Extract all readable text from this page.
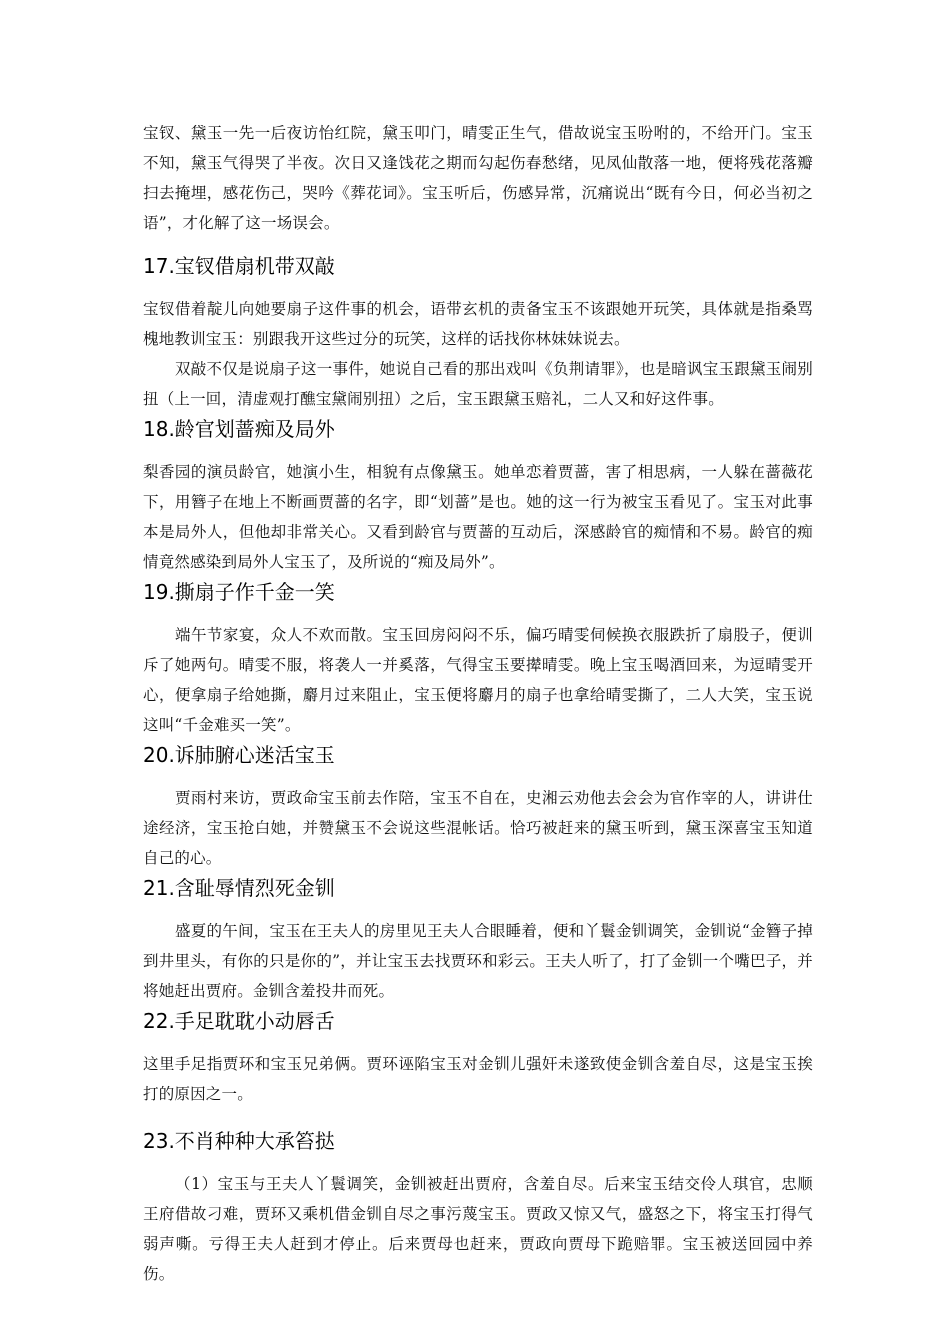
宝钗、黛玉一先一后夜访怡红院，黛玉叩门，晴雯正生气，借故说宝玉吩咐的，不给开门。宝玉不知，黛玉气得哭了半夜。次日又逢饯花之期而勾起伤春愁绪，见凤仙散落一地，便将残花落瓣扫去掩埋，感花伤己，哭吟《葬花词》。宝玉听后，伤感异常，沉痛说出“既有今日，何必当初之语”，才化解了这一场误会。

17.宝钗借扇机带双敲

宝钗借着靛儿向她要扇子这件事的机会，语带玄机的责备宝玉不该跟她开玩笑，具体就是指桑骂槐地教训宝玉：别跟我开这些过分的玩笑，这样的话找你林妹妹说去。

双敲不仅是说扇子这一事件，她说自己看的那出戏叫《负荆请罪》，也是暗讽宝玉跟黛玉闹别扭（上一回，清虚观打醮宝黛闹别扭）之后，宝玉跟黛玉赔礼，二人又和好这件事。

18.龄官划蔷痴及局外

梨香园的演员龄官，她演小生，相貌有点像黛玉。她单恋着贾蔷，害了相思病，一人躲在蔷薇花下，用簪子在地上不断画贾蔷的名字，即“划蔷”是也。她的这一行为被宝玉看见了。宝玉对此事本是局外人，但他却非常关心。又看到龄官与贾蔷的互动后，深感龄官的痴情和不易。龄官的痴情竟然感染到局外人宝玉了，及所说的“痴及局外”。

19.撕扇子作千金一笑

端午节家宴，众人不欢而散。宝玉回房闷闷不乐，偏巧晴雯伺候换衣服跌折了扇股子，便训斥了她两句。晴雯不服，将袭人一并奚落，气得宝玉要撵晴雯。晚上宝玉喝酒回来，为逗晴雯开心，便拿扇子给她撕，麝月过来阻止，宝玉便将麝月的扇子也拿给晴雯撕了，二人大笑，宝玉说这叫“千金难买一笑”。

20.诉肺腑心迷活宝玉

贾雨村来访，贾政命宝玉前去作陪，宝玉不自在，史湘云劝他去会会为官作宰的人，讲讲仕途经济，宝玉抢白她，并赞黛玉不会说这些混帐话。恰巧被赶来的黛玉听到，黛玉深喜宝玉知道自己的心。

21.含耻辱情烈死金钏

盛夏的午间，宝玉在王夫人的房里见王夫人合眼睡着，便和丫鬟金钏调笑，金钏说“金簪子掉到井里头，有你的只是你的”，并让宝玉去找贾环和彩云。王夫人听了，打了金钏一个嘴巴子，并将她赶出贾府。金钏含羞投井而死。

22.手足耽耽小动唇舌

这里手足指贾环和宝玉兄弟俩。贾环诬陷宝玉对金钏儿强奸未遂致使金钏含羞自尽，这是宝玉挨打的原因之一。

23.不肖种种大承笞挞

（1）宝玉与王夫人丫鬟调笑，金钏被赶出贾府，含羞自尽。后来宝玉结交伶人琪官，忠顺王府借故刁难，贾环又乘机借金钏自尽之事污蔑宝玉。贾政又惊又气，盛怒之下，将宝玉打得气弱声嘶。亏得王夫人赶到才停止。后来贾母也赶来，贾政向贾母下跪赔罪。宝玉被送回园中养伤。
